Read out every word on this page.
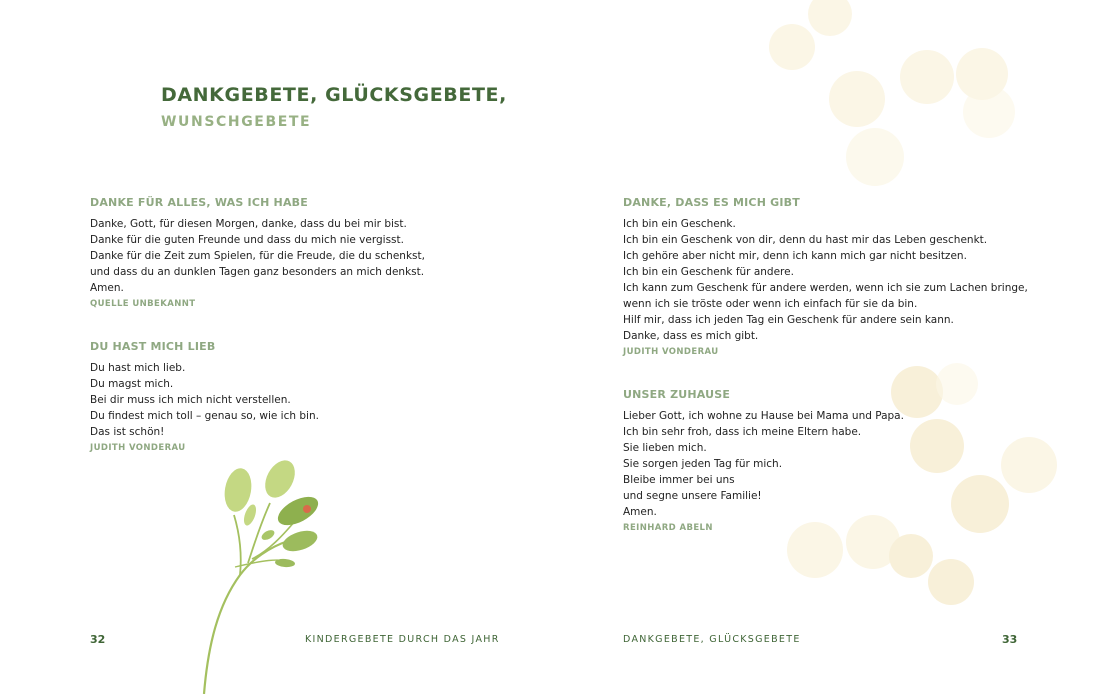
DANKGEBETE, GLÜCKSGEBETE,
WUNSCHGEBETE
DANKE FÜR ALLES, WAS ICH HABE
Danke, Gott, für diesen Morgen, danke, dass du bei mir bist.
Danke für die guten Freunde und dass du mich nie vergisst.
Danke für die Zeit zum Spielen, für die Freude, die du schenkst,
und dass du an dunklen Tagen ganz besonders an mich denkst.
Amen.
QUELLE UNBEKANNT
DU HAST MICH LIEB
Du hast mich lieb.
Du magst mich.
Bei dir muss ich mich nicht verstellen.
Du findest mich toll – genau so, wie ich bin.
Das ist schön!
JUDITH VONDERAU
32	KINDERGEBETE DURCH DAS JAHR
DANKE, DASS ES MICH GIBT
Ich bin ein Geschenk.
Ich bin ein Geschenk von dir, denn du hast mir das Leben geschenkt.
Ich gehöre aber nicht mir, denn ich kann mich gar nicht besitzen.
Ich bin ein Geschenk für andere.
Ich kann zum Geschenk für andere werden, wenn ich sie zum Lachen bringe,
wenn ich sie tröste oder wenn ich einfach für sie da bin.
Hilf mir, dass ich jeden Tag ein Geschenk für andere sein kann.
Danke, dass es mich gibt.
JUDITH VONDERAU
UNSER ZUHAUSE
Lieber Gott, ich wohne zu Hause bei Mama und Papa.
Ich bin sehr froh, dass ich meine Eltern habe.
Sie lieben mich.
Sie sorgen jeden Tag für mich.
Bleibe immer bei uns
und segne unsere Familie!
Amen.
REINHARD ABELN
DANKGEBETE, GLÜCKSGEBETE	33
